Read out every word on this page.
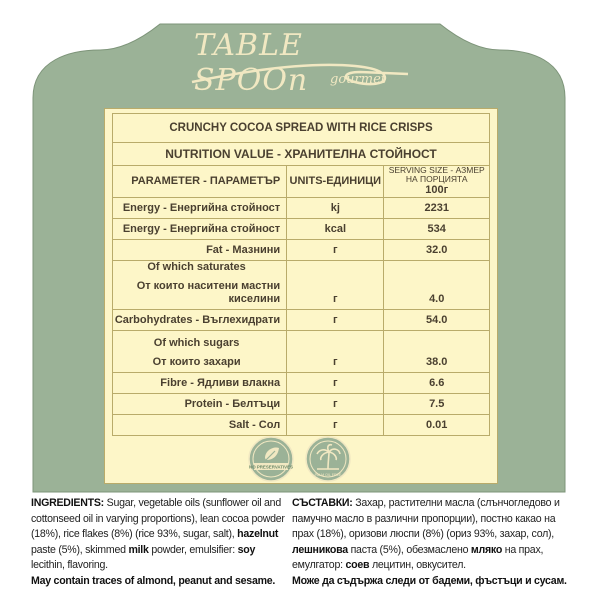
TABLE SPOOn	gourmet
CRUNCHY COCOA SPREAD WITH RICE CRISPS		
NUTRITION VALUE - ХРАНИТЕЛНА СТОЙНОСТ		
PARAMETER - ПАРАМЕТЪР	UNITS-ЕДИНИЦИ	SERVING SIZE - АЗМЕР НА ПОРЦИЯТА
100г

Energy - Енергийна стойност	kj	2231
Energy - Енергийна стойност	kcal	534
Fat - Мазнини	г	32.0

Of which saturates
От които наситени мастни киселини	г	4.0
Carbohydrates - Въглехидрати	г	54.0

Of which sugars
От които захари	г	38.0
Fibre - Ядливи влакна	г	6.6
Protein - Белтъци	г	7.5
Salt - Сол	г	0.01
NO PRESERVATIVES
PALM OIL FREE
INGREDIENTS: Sugar, vegetable oils (sunflower oil and cottonseed oil in varying proportions), lean cocoa powder (18%), rice flakes (8%) (rice 93%, sugar, salt), hazelnut paste (5%), skimmed milk powder, emulsifier: soy lecithin, flavoring.
May contain traces of almond, peanut and sesame.
СЪСТАВКИ: Захар, растителни масла (слънчогледово и памучно масло в различни пропорции), постно какао на прах (18%), оризови люспи (8%) (ориз 93%, захар, сол), лешникова паста (5%), обезмаслено мляко на прах, емулгатор: соев лецитин, овкусител.
Може да съдържа следи от бадеми, фъстъци и сусам.
